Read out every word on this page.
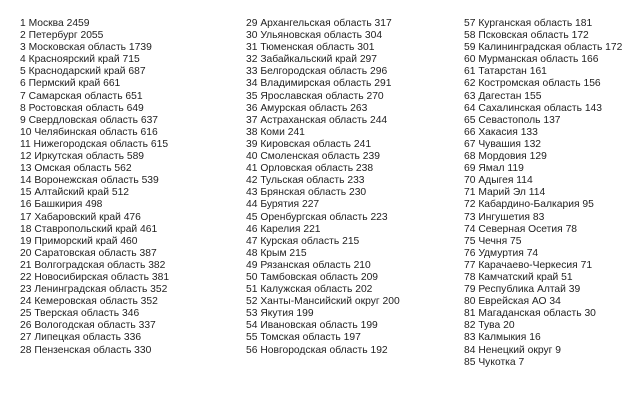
1 Москва 2459
2 Петербург 2055
3 Московская область 1739
4 Красноярский край 715
5 Краснодарский край 687
6 Пермский край 661
7 Самарская область 651
8 Ростовская область 649
9 Свердловская область 637
10 Челябинская область 616
11 Нижегородская область 615
12 Иркутская область 589
13 Омская область 562
14 Воронежская область 539
15 Алтайский край 512
16 Башкирия 498
17 Хабаровский край 476
18 Ставропольский край 461
19 Приморский край 460
20 Саратовская область 387
21 Волгоградская область 382
22 Новосибирская область 381
23 Ленинградская область 352
24 Кемеровская область 352
25 Тверская область 346
26 Вологодская область 337
27 Липецкая область 336
28 Пензенская область 330
29 Архангельская область 317
30 Ульяновская область 304
31 Тюменская область 301
32 Забайкальский край 297
33 Белгородская область 296
34 Владимирская область 291
35 Ярославская область 270
36 Амурская область 263
37 Астраханская область 244
38 Коми 241
39 Кировская область 241
40 Смоленская область 239
41 Орловская область 238
42 Тульская область 233
43 Брянская область 230
44 Бурятия 227
45 Оренбургская область 223
46 Карелия 221
47 Курская область 215
48 Крым 215
49 Рязанская область 210
50 Тамбовская область 209
51 Калужская область 202
52 Ханты-Мансийский округ 200
53 Якутия 199
54 Ивановская область 199
55 Томская область 197
56 Новгородская область 192
57 Курганская область 181
58 Псковская область 172
59 Калининградская область 172
60 Мурманская область 166
61 Татарстан 161
62 Костромская область 156
63 Дагестан 155
64 Сахалинская область 143
65 Севастополь 137
66 Хакасия 133
67 Чувашия 132
68 Мордовия 129
69 Ямал 119
70 Адыгея 114
71 Марий Эл 114
72 Кабардино-Балкария 95
73 Ингушетия 83
74 Северная Осетия 78
75 Чечня 75
76 Удмуртия 74
77 Карачаево-Черкесия 71
78 Камчатский край 51
79 Республика Алтай 39
80 Еврейская АО 34
81 Магаданская область 30
82 Тува 20
83 Калмыкия 16
84 Ненецкий округ 9
85 Чукотка 7
